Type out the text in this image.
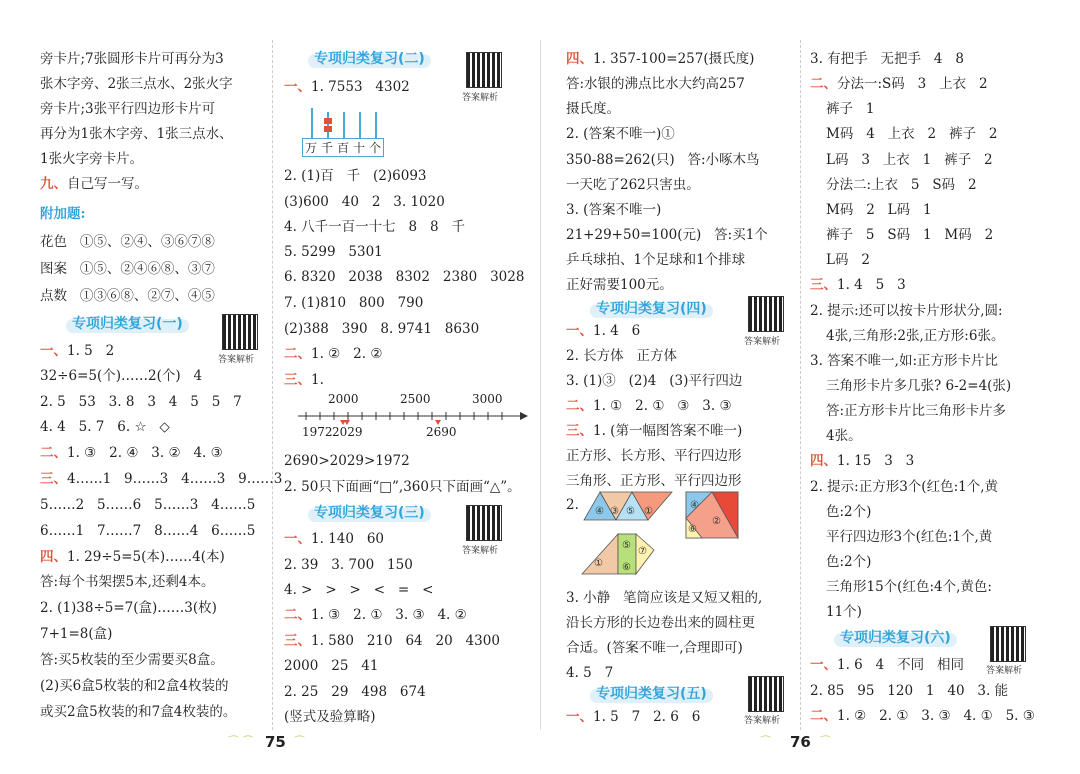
旁卡片;7张圆形卡片可再分为3
张木字旁、2张三点水、2张火字
旁卡片;3张平行四边形卡片可
再分为1张木字旁、1张三点水、
1张火字旁卡片。
九、自己写一写。
附加题:
花色   ①⑤、②④、③⑥⑦⑧
图案   ①⑤、②④⑥⑧、③⑦
点数   ①③⑥⑧、②⑦、④⑤
专项归类复习(一)
答案解析
一、1. 5   2
32÷6=5(个)……2(个)   4
2. 5   53   3. 8   3   4   5   5   7
4. 4   5. 7   6. ☆   ◇
二、1. ③   2. ④   3. ②   4. ③
三、4……1   9……3   4……3   9……3
5……2   5……6   5……3   4……5
6……1   7……7   8……4   6……5
四、1. 29÷5=5(本)……4(本)
答:每个书架摆5本,还剩4本。
2. (1)38÷5=7(盒)……3(枚)
7+1=8(盒)
答:买5枚装的至少需要买8盒。
(2)买6盒5枚装的和2盒4枚装的
或买2盒5枚装的和7盒4枚装的。
专项归类复习(二)
答案解析
一、1. 7553   4302
万 千 百 十 个
2. (1)百   千   (2)6093
(3)600   40   2   3. 1020
4. 八千一百一十七   8   8   千
5. 5299   5301
6. 8320   2038   8302   2380   3028
7. (1)810   800   790
(2)388   390   8. 9741   8630
二、1. ②   2. ②
三、1.
2000	2500	3000
1972 2029	2690
2690>2029>1972
2. 50只下面画“□”,360只下面画“△”。
专项归类复习(三)
答案解析
一、1. 140   60
2. 39   3. 700   150
4. >   >   >   <   =   <
二、1. ③   2. ①   3. ③   4. ②
三、1. 580   210   64   20   4300
2000   25   41
2. 25   29   498   674
(竖式及验算略)
四、1. 357-100=257(摄氏度)
答:水银的沸点比水大约高257
摄氏度。
2. (答案不唯一)①
350-88=262(只)   答:小啄木鸟
一天吃了262只害虫。
3. (答案不唯一)
21+29+50=100(元)   答:买1个
乒乓球拍、1个足球和1个排球
正好需要100元。
专项归类复习(四)
答案解析
一、1. 4   6
2. 长方体   正方体
3. (1)③   (2)4   (3)平行四边
二、1. ①   2. ①   ③   3. ③
三、1. (第一幅图答案不唯一)
正方形、长方形、平行四边形
三角形、正方形、平行四边形
2. ④ ③ ⑤ ①
④
⑥
②
①
⑤
⑥
⑦
3. 小静   笔筒应该是又短又粗的,
沿长方形的长边卷出来的圆柱更
合适。(答案不唯一,合理即可)
4. 5   7
专项归类复习(五)
答案解析
一、1. 5   7   2. 6   6
3. 有把手   无把手   4   8
二、分法一:S码   3   上衣   2
裤子   1
M码   4   上衣   2   裤子   2
L码   3   上衣   1   裤子   2
分法二:上衣   5   S码   2
M码   2   L码   1
裤子   5   S码   1   M码   2
L码   2
三、1. 4   5   3
2. 提示:还可以按卡片形状分,圆:
4张,三角形:2张,正方形:6张。
3. 答案不唯一,如:正方形卡片比
三角形卡片多几张? 6-2=4(张)
答:正方形卡片比三角形卡片多
4张。
四、1. 15   3   3
2. 提示:正方形3个(红色:1个,黄
色:2个)
平行四边形3个(红色:1个,黄
色:2个)
三角形15个(红色:4个,黄色:
11个)
专项归类复习(六)
答案解析
一、1. 6   4   不同   相同
2. 85   95   120   1   40   3. 能
二、1. ②   2. ①   3. ③   4. ①   5. ③
⌒ ⌒ 75 ⌒	⌒ 76 ⌒
